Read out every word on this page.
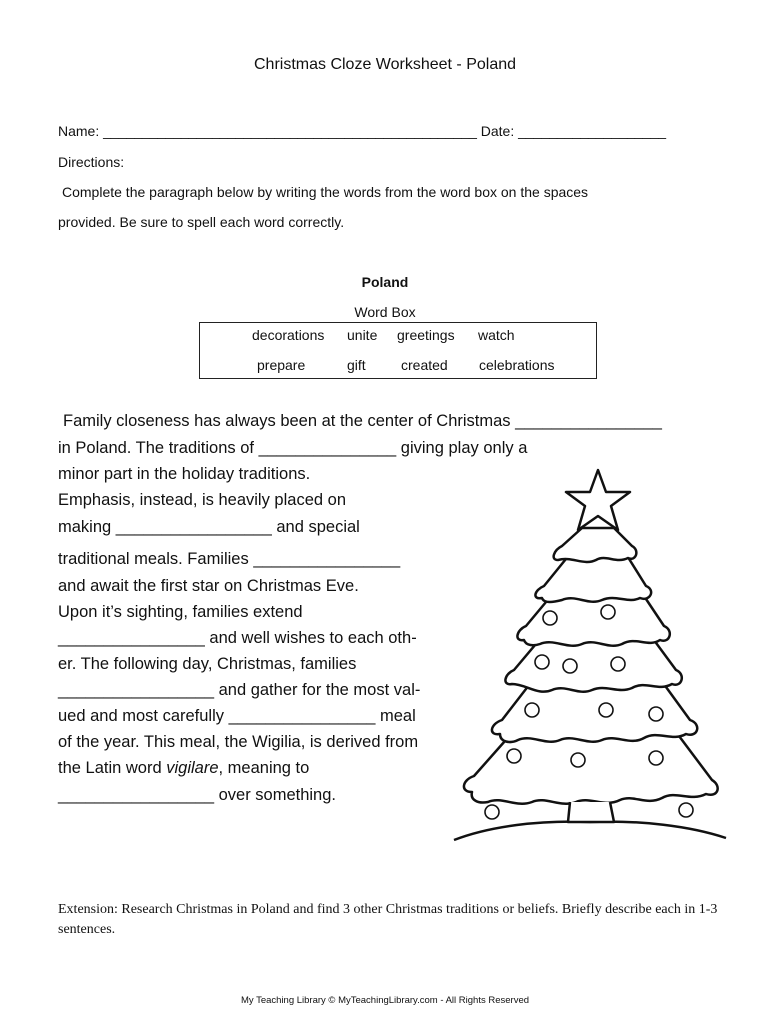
Christmas Cloze Worksheet - Poland
Name: ________________________________________________ Date: ___________________
Directions:
Complete the paragraph below by writing the words from the word box on the spaces
provided. Be sure to spell each word correctly.
Poland
Word Box
decorations unite greetings watch
prepare	gift	created celebrations
Family closeness has always been at the center of Christmas ________________
in Poland. The traditions of _______________ giving play only a
minor part in the holiday traditions.
Emphasis, instead, is heavily placed on
making _________________ and special
traditional meals. Families ________________
and await the first star on Christmas Eve.
Upon it’s sighting, families extend
________________ and well wishes to each oth-
er. The following day, Christmas, families
_________________ and gather for the most val-
ued and most carefully ________________ meal
of the year. This meal, the Wigilia, is derived from
the Latin word vigilare, meaning to
_________________ over something.
Extension: Research Christmas in Poland and find 3 other Christmas traditions or beliefs. Briefly describe each in 1-3 sentences.
My Teaching Library © MyTeachingLibrary.com - All Rights Reserved
